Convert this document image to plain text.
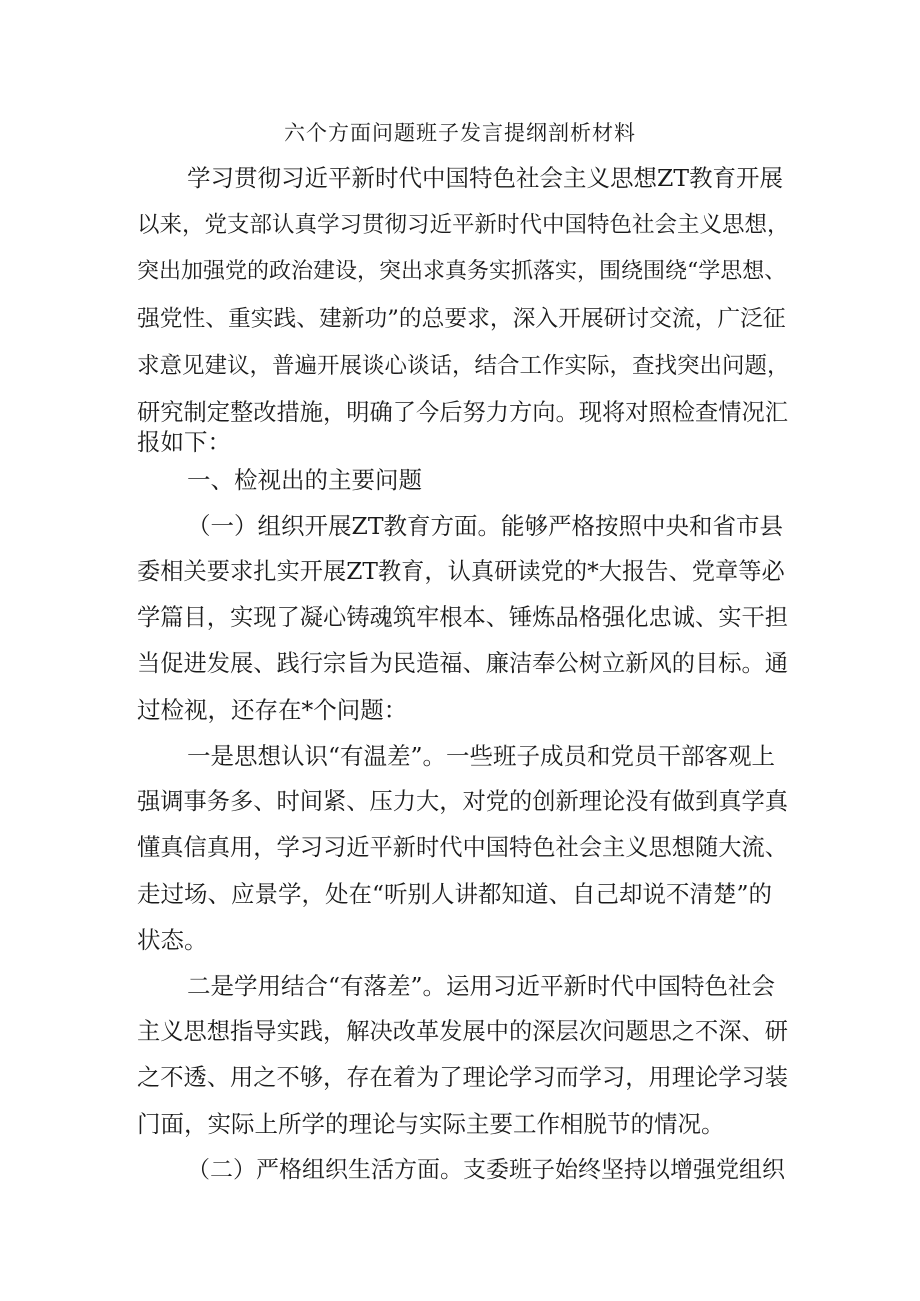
六个方面问题班子发言提纲剖析材料
学习贯彻习近平新时代中国特色社会主义思想ZT教育开展
以来，党支部认真学习贯彻习近平新时代中国特色社会主义思想，
突出加强党的政治建设，突出求真务实抓落实，围绕围绕“学思想、
强党性、重实践、建新功”的总要求，深入开展研讨交流，广泛征
求意见建议，普遍开展谈心谈话，结合工作实际，查找突出问题，
研究制定整改措施，明确了今后努力方向。现将对照检查情况汇
报如下：
一、检视出的主要问题
（一）组织开展ZT教育方面。能够严格按照中央和省市县
委相关要求扎实开展ZT教育，认真研读党的*大报告、党章等必
学篇目，实现了凝心铸魂筑牢根本、锤炼品格强化忠诚、实干担
当促进发展、践行宗旨为民造福、廉洁奉公树立新风的目标。通
过检视，还存在*个问题：
一是思想认识“有温差”。一些班子成员和党员干部客观上
强调事务多、时间紧、压力大，对党的创新理论没有做到真学真
懂真信真用，学习习近平新时代中国特色社会主义思想随大流、
走过场、应景学，处在“听别人讲都知道、自己却说不清楚”的
状态。
二是学用结合“有落差”。运用习近平新时代中国特色社会
主义思想指导实践，解决改革发展中的深层次问题思之不深、研
之不透、用之不够，存在着为了理论学习而学习，用理论学习装
门面，实际上所学的理论与实际主要工作相脱节的情况。
（二）严格组织生活方面。支委班子始终坚持以增强党组织
